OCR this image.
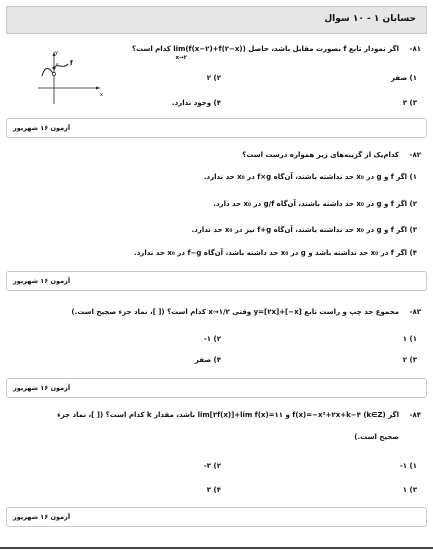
حسابان ۱ - ۱۰ سوال
۸۱-
اگر نمودار تابع f بصورت مقابل باشد، حاصل lim(f(x−۲)+f(۲−x)) کدام است؟
x→۲
y
x
f
۲
۱) صفر
۲) ۲
۳) ۳
۴) وجود ندارد.
آزمون ۱۶ شهریور
۸۲-
کدام‌یک از گزینه‌های زیر همواره درست است؟
۱) اگر f و g در x₀ حد نداشته باشند، آن‌گاه f×g در x₀ حد ندارد.
۲) اگر f و g در x₀ حد داشته باشند، آن‌گاه g/f در x₀ حد دارد.
۳) اگر f و g در x₀ حد نداشته باشند، آن‌گاه f+g نیز در x₀ حد ندارد.
۴) اگر f در x₀ حد نداشته باشد و g در x₀ حد داشته باشد، آن‌گاه f−g در x₀ حد ندارد.
آزمون ۱۶ شهریور
۸۳-
مجموع حد چپ و راست تابع y=[۲x]+[−x] وقتی x→۱/۲ کدام است؟ ([ ]، نماد جزء صحیح است.)
۱) ۱
۲) ۱-
۳) ۲
۴) صفر
آزمون ۱۶ شهریور
۸۴-
اگر f(x)=−x²+۲x+k−۴ (k∈Z) و lim[۲f(x)]+lim f(x)=۱۱ باشد، مقدار k کدام است؟ ([ ]، نماد جزء
صحیح است.)
۱) ۱-
۲) ۳-
۳) ۱
۴) ۳
آزمون ۱۶ شهریور
